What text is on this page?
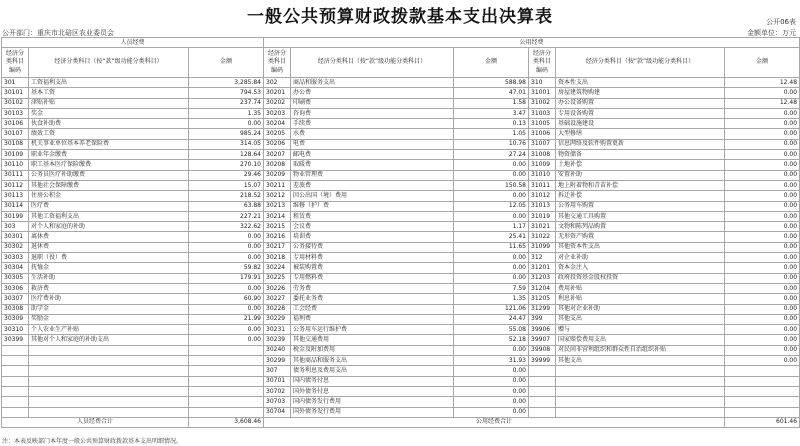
一般公共预算财政拨款基本支出决算表	公开06表
公开部门：重庆市北碚区农业委员会	金额单位：万元
人员经费			公用经费					
经济分类科目编码	经济分类科目（按“款”级功能分类科目）	金额	经济分类科目编码	经济分类科目（按“款”级功能分类科目）	金额	经济分类科目编码	经济分类科目（按“款”级功能分类科目）	金额
301	工资福利支出	3,285.84	302	商品和服务支出	588.98	310	资本性支出	12.48
30101	基本工资	794.53	30201	办公费	47.01	31001	房屋建筑物购建	0.00
30102	津贴补贴	237.74	30202	印刷费	1.58	31002	办公设备购置	12.48
30103	奖金	1.35	30203	咨询费	3.47	31003	专用设备购置	0.00
30106	伙食补助费	0.00	30204	手续费	0.13	31005	基础设施建设	0.00
30107	绩效工资	985.24	30205	水费	1.05	31006	大型修缮	0.00
30108	机关事业单位基本养老保险费	314.05	30206	电费	10.76	31007	信息网络及软件购置更新	0.00
30109	职业年金缴费	128.64	30207	邮电费	27.24	31008	物资储备	0.00
30110	职工基本医疗保险缴费	270.10	30208	取暖费	0.00	31009	土地补偿	0.00
30111	公务员医疗补助缴费	29.46	30209	物业管理费	0.00	31010	安置补助	0.00
30112	其他社会保障缴费	15.07	30211	差旅费	150.58	31011	地上附着物和青苗补偿	0.00
30113	住房公积金	218.52	30212	因公出国（境）费用	0.00	31012	拆迁补偿	0.00
30114	医疗费	63.88	30213	维修（护）费	12.05	31013	公务用车购置	0.00
30199	其他工资福利支出	227.21	30214	租赁费	0.00	31019	其他交通工具购置	0.00
303	对个人和家庭的补助	322.62	30215	会议费	1.17	31021	文物和陈列品购置	0.00
30301	离休费	0.00	30216	培训费	25.41	31022	无形资产购置	0.00
30302	退休费	0.00	30217	公务接待费	11.65	31099	其他资本性支出	0.00
30303	退职（役）费	0.00	30218	专用材料费	0.00	312	对企业补助	0.00
30304	抚恤金	59.82	30224	被装购置费	0.00	31201	资本金注入	0.00
30305	生活补助	179.91	30225	专用燃料费	0.00	31203	政府投资基金股权投资	0.00
30306	救济费	0.00	30226	劳务费	7.59	31204	费用补贴	0.00
30307	医疗费补助	60.90	30227	委托业务费	1.35	31205	利息补贴	0.00
30308	助学金	0.00	30228	工会经费	121.06	31299	其他对企业补助	0.00
30309	奖励金	21.99	30229	福利费	24.47	399	其他支出	0.00
30310	个人农业生产补贴	0.00	30231	公务用车运行维护费	55.08	39906	赠与	0.00
30399	其他对个人和家庭的补助支出	0.00	30239	其他交通费用	52.18	39907	国家赔偿费用支出	0.00
			30240	税金及附加费用	0.00	39908	对民间非营利组织和群众性自治组织补贴	0.00
			30299	其他商品和服务支出	31.93	39999	其他支出	0.00
			307	债务利息及费用支出	0.00			
			30701	国内债务付息	0.00			
			30702	国外债务付息	0.00			
			30703	国内债务发行费用	0.00			
			30704	国外债务发行费用	0.00			
人员经费合计		3,608.46	公用经费合计					601.46
注：本表反映部门本年度一般公共预算财政拨款基本支出明细情况。
